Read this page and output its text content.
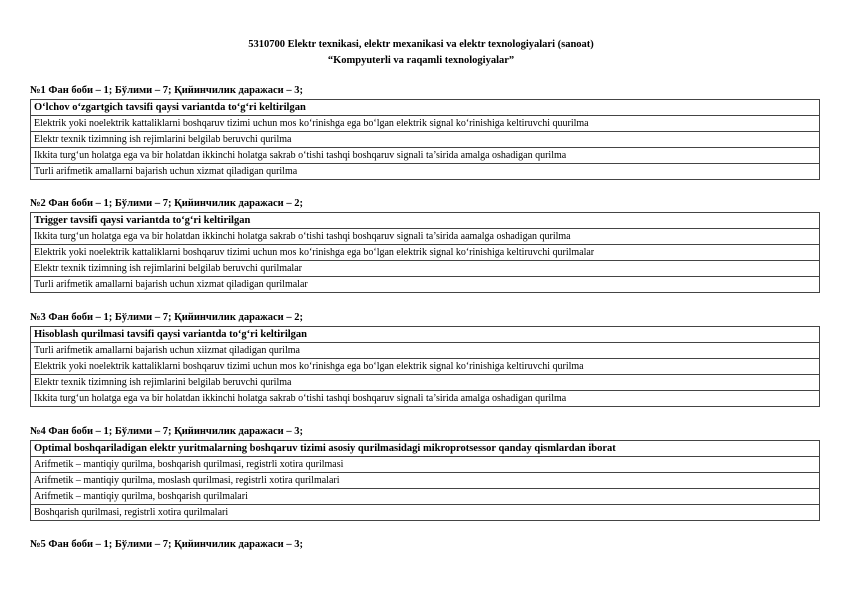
5310700 Elektr texnikasi, elektr mexanikasi va elektr texnologiyalari (sanoat)
“Kompyuterli va raqamli texnologiyalar”
№1 Фан боби – 1; Бўлими – 7; Қийинчилик даражаси – 3;
O‘lchov o‘zgartgich tavsifi qaysi variantda to‘g‘ri keltirilgan
Elektrik yoki noelektrik kattaliklarni boshqaruv tizimi uchun mos ko‘rinishga ega bo‘lgan elektrik signal ko‘rinishiga keltiruvchi quurilma
Elektr texnik tizimning ish rejimlarini belgilab beruvchi qurilma
Ikkita turg‘un holatga ega va bir holatdan ikkinchi holatga sakrab o‘tishi tashqi boshqaruv signali ta’sirida amalga oshadigan qurilma
Turli arifmetik amallarni bajarish uchun xizmat qiladigan qurilma
№2 Фан боби – 1; Бўлими – 7; Қийинчилик даражаси – 2;
Trigger tavsifi qaysi variantda to‘g‘ri keltirilgan
Ikkita turg‘un holatga ega va bir holatdan ikkinchi holatga sakrab o‘tishi tashqi boshqaruv signali ta’sirida aamalga oshadigan qurilma
Elektrik yoki noelektrik kattaliklarni boshqaruv tizimi uchun mos ko‘rinishga ega bo‘lgan elektrik signal ko‘rinishiga keltiruvchi qurilmalar
Elektr texnik tizimning ish rejimlarini belgilab beruvchi qurilmalar
Turli arifmetik amallarni bajarish uchun xizmat qiladigan qurilmalar
№3 Фан боби – 1; Бўлими – 7; Қийинчилик даражаси – 2;
Hisoblash qurilmasi tavsifi qaysi variantda to‘g‘ri keltirilgan
Turli arifmetik amallarni bajarish uchun xiizmat qiladigan qurilma
Elektrik yoki noelektrik kattaliklarni boshqaruv tizimi uchun mos ko‘rinishga ega bo‘lgan elektrik signal ko‘rinishiga keltiruvchi qurilma
Elektr texnik tizimning ish rejimlarini belgilab beruvchi qurilma
Ikkita turg‘un holatga ega va bir holatdan ikkinchi holatga sakrab o‘tishi tashqi boshqaruv signali ta’sirida amalga oshadigan qurilma
№4 Фан боби – 1; Бўлими – 7; Қийинчилик даражаси – 3;
Optimal boshqariladigan elektr yuritmalarning boshqaruv tizimi asosiy qurilmasidagi mikroprotsessor qanday qismlardan iborat
Arifmetik – mantiqiy qurilma, boshqarish qurilmasi, registrli xotira qurilmasi
Arifmetik – mantiqiy qurilma, moslash qurilmasi, registrli xotira qurilmalari
Arifmetik – mantiqiy qurilma, boshqarish qurilmalari
Boshqarish qurilmasi, registrli xotira qurilmalari
№5 Фан боби – 1; Бўлими – 7; Қийинчилик даражаси – 3;
